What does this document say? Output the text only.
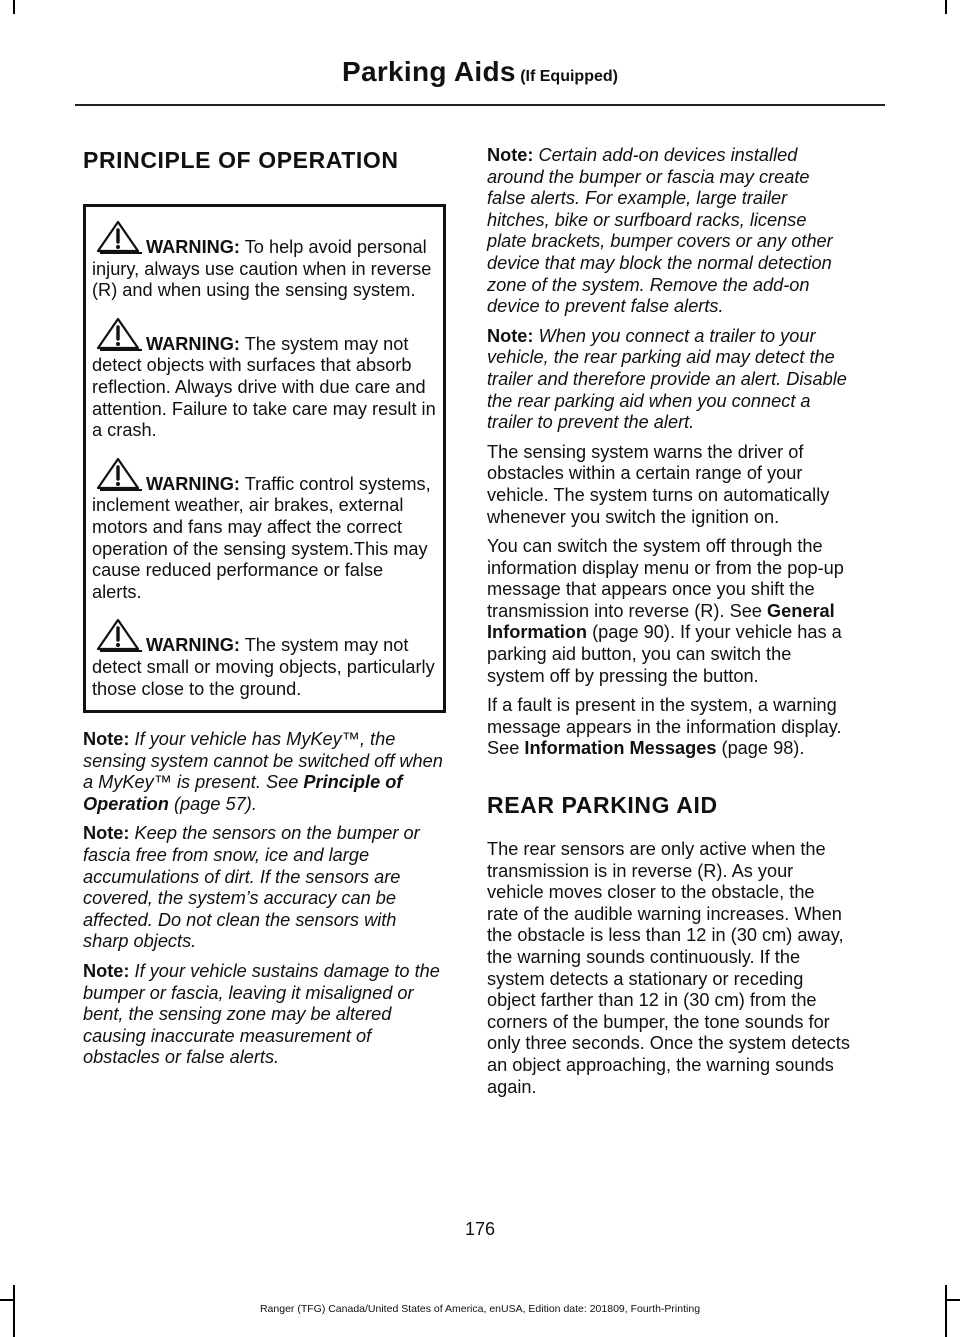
Parking Aids (If Equipped)
PRINCIPLE OF OPERATION
WARNING: To help avoid personal injury, always use caution when in reverse (R) and when using the sensing system.
WARNING: The system may not detect objects with surfaces that absorb reflection. Always drive with due care and attention. Failure to take care may result in a crash.
WARNING: Traffic control systems, inclement weather, air brakes, external motors and fans may affect the correct operation of the sensing system.This may cause reduced performance or false alerts.
WARNING: The system may not detect small or moving objects, particularly those close to the ground.

Note: If your vehicle has MyKey™, the sensing system cannot be switched off when a MyKey™ is present. See Principle of Operation (page 57).

Note: Keep the sensors on the bumper or fascia free from snow, ice and large accumulations of dirt. If the sensors are covered, the system’s accuracy can be affected. Do not clean the sensors with sharp objects.

Note: If your vehicle sustains damage to the bumper or fascia, leaving it misaligned or bent, the sensing zone may be altered causing inaccurate measurement of obstacles or false alerts.

Note: Certain add-on devices installed around the bumper or fascia may create false alerts. For example, large trailer hitches, bike or surfboard racks, license plate brackets, bumper covers or any other device that may block the normal detection zone of the system. Remove the add-on device to prevent false alerts.

Note: When you connect a trailer to your vehicle, the rear parking aid may detect the trailer and therefore provide an alert. Disable the rear parking aid when you connect a trailer to prevent the alert.

The sensing system warns the driver of obstacles within a certain range of your vehicle. The system turns on automatically whenever you switch the ignition on.

You can switch the system off through the information display menu or from the pop-up message that appears once you shift the transmission into reverse (R). See General Information (page 90). If your vehicle has a parking aid button, you can switch the system off by pressing the button.

If a fault is present in the system, a warning message appears in the information display. See Information Messages (page 98).

REAR PARKING AID

The rear sensors are only active when the transmission is in reverse (R). As your vehicle moves closer to the obstacle, the rate of the audible warning increases. When the obstacle is less than 12 in (30 cm) away, the warning sounds continuously. If the system detects a stationary or receding object farther than 12 in (30 cm) from the corners of the bumper, the tone sounds for only three seconds. Once the system detects an object approaching, the warning sounds again.

176
Ranger (TFG) Canada/United States of America, enUSA, Edition date: 201809, Fourth-Printing
